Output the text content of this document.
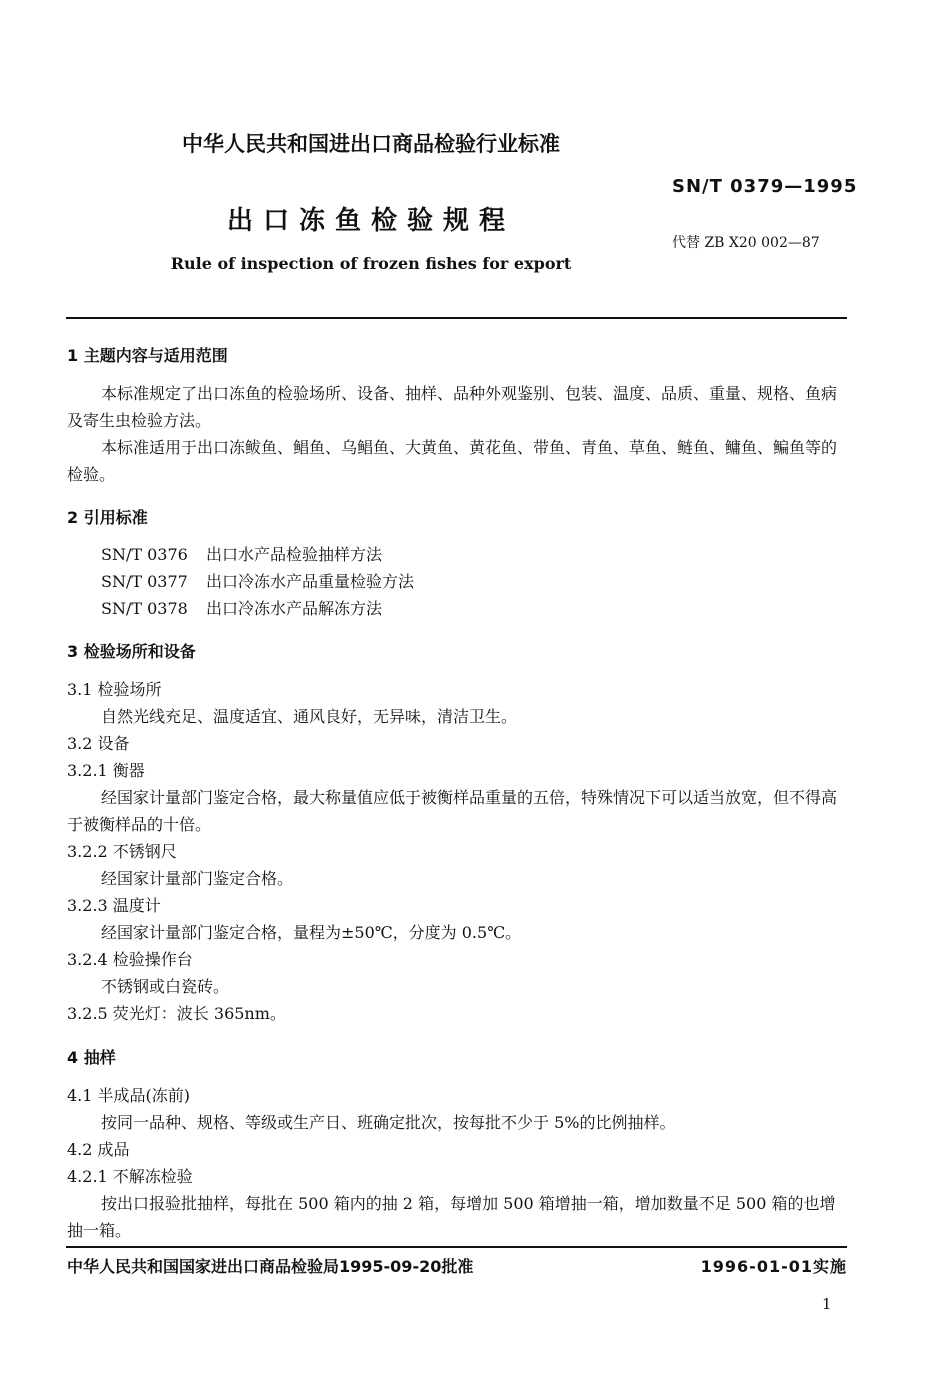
中华人民共和国进出口商品检验行业标准
SN/T 0379—1995
出口冻鱼检验规程
代替 ZB X20 002—87
Rule of inspection of frozen fishes for export
1 主题内容与适用范围
本标准规定了出口冻鱼的检验场所、设备、抽样、品种外观鉴别、包装、温度、品质、重量、规格、鱼病及寄生虫检验方法。
本标准适用于出口冻鲅鱼、鲳鱼、乌鲳鱼、大黄鱼、黄花鱼、带鱼、青鱼、草鱼、鲢鱼、鳙鱼、鳊鱼等的检验。
2 引用标准
SN/T 0376 出口水产品检验抽样方法
SN/T 0377 出口冷冻水产品重量检验方法
SN/T 0378 出口冷冻水产品解冻方法
3 检验场所和设备
3.1 检验场所
自然光线充足、温度适宜、通风良好，无异味，清洁卫生。
3.2 设备
3.2.1 衡器
经国家计量部门鉴定合格，最大称量值应低于被衡样品重量的五倍，特殊情况下可以适当放宽，但不得高于被衡样品的十倍。
3.2.2 不锈钢尺
经国家计量部门鉴定合格。
3.2.3 温度计
经国家计量部门鉴定合格，量程为±50℃，分度为 0.5℃。
3.2.4 检验操作台
不锈钢或白瓷砖。
3.2.5 荧光灯：波长 365nm。
4 抽样
4.1 半成品(冻前)
按同一品种、规格、等级或生产日、班确定批次，按每批不少于 5%的比例抽样。
4.2 成品
4.2.1 不解冻检验
按出口报验批抽样，每批在 500 箱内的抽 2 箱，每增加 500 箱增抽一箱，增加数量不足 500 箱的也增抽一箱。
中华人民共和国国家进出口商品检验局1995-09-20批准	1996-01-01实施
1
